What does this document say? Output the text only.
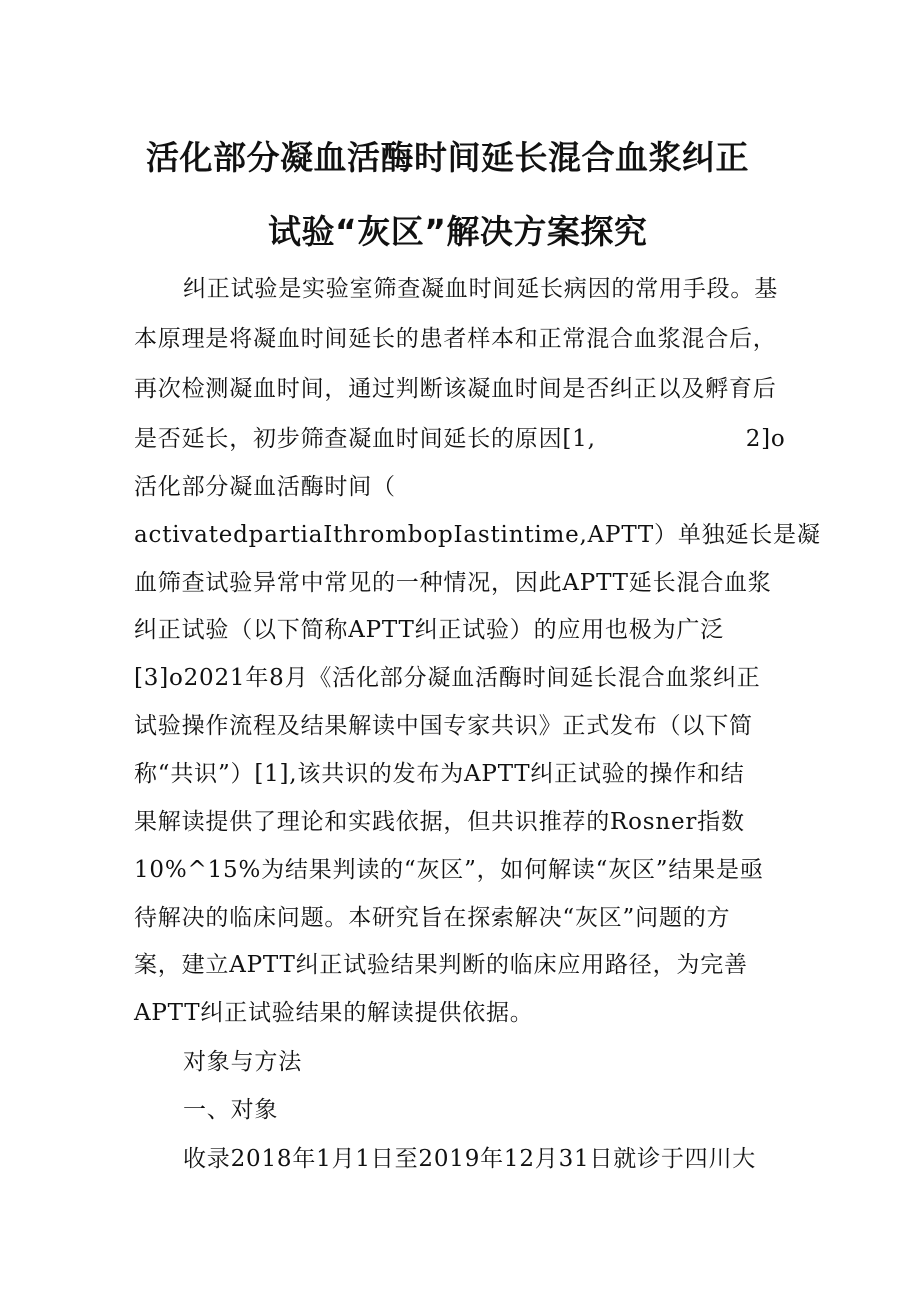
活化部分凝血活酶时间延长混合血浆纠正
试验“灰区”解决方案探究
纠正试验是实验室筛查凝血时间延长病因的常用手段。基
本原理是将凝血时间延长的患者样本和正常混合血浆混合后，
再次检测凝血时间，通过判断该凝血时间是否纠正以及孵育后
是否延长，初步筛查凝血时间延长的原因[1,	2]o
活化部分凝血活酶时间（
activatedpartiaIthrombopIastintime,APTT）单独延长是凝
血筛查试验异常中常见的一种情况，因此APTT延长混合血浆
纠正试验（以下简称APTT纠正试验）的应用也极为广泛
[3]o2021年8月《活化部分凝血活酶时间延长混合血浆纠正
试验操作流程及结果解读中国专家共识》正式发布（以下简
称“共识”）[1],该共识的发布为APTT纠正试验的操作和结
果解读提供了理论和实践依据，但共识推荐的Rosner指数
10%^15%为结果判读的“灰区”，如何解读“灰区”结果是亟
待解决的临床问题。本研究旨在探索解决“灰区”问题的方
案，建立APTT纠正试验结果判断的临床应用路径，为完善
APTT纠正试验结果的解读提供依据。
对象与方法
一、对象
收录2018年1月1日至2019年12月31日就诊于四川大
